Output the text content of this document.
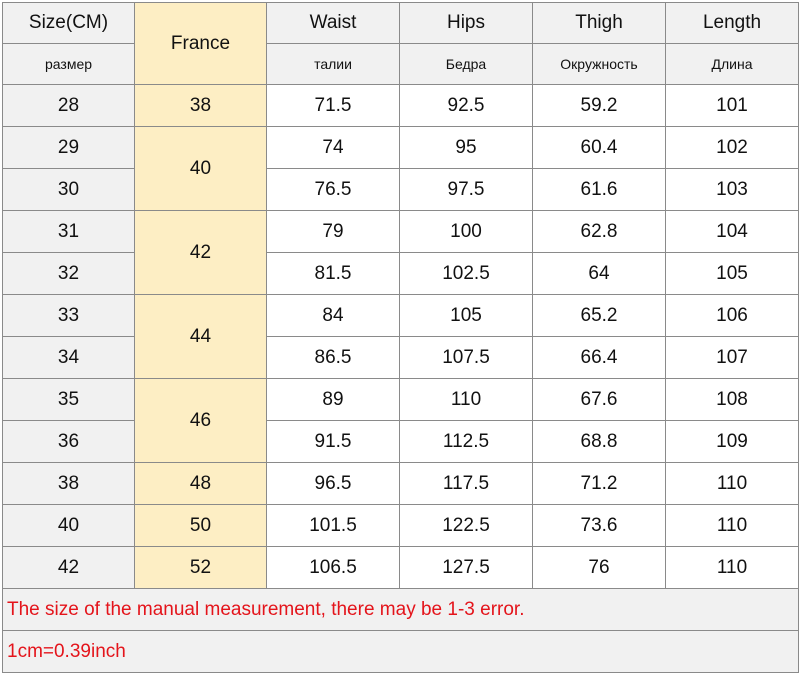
Size(CM)	France	Waist	Hips	Thigh	Length
размер		талии	Бедра	Окружность	Длина
28	38	71.5	92.5	59.2	101
29	40	74	95	60.4	102
30		76.5	97.5	61.6	103
31	42	79	100	62.8	104
32		81.5	102.5	64	105
33	44	84	105	65.2	106
34		86.5	107.5	66.4	107
35	46	89	110	67.6	108
36		91.5	112.5	68.8	109
38	48	96.5	117.5	71.2	110
40	50	101.5	122.5	73.6	110
42	52	106.5	127.5	76	110
The size of the manual measurement, there may be 1-3 error.					
1cm=0.39inch					
